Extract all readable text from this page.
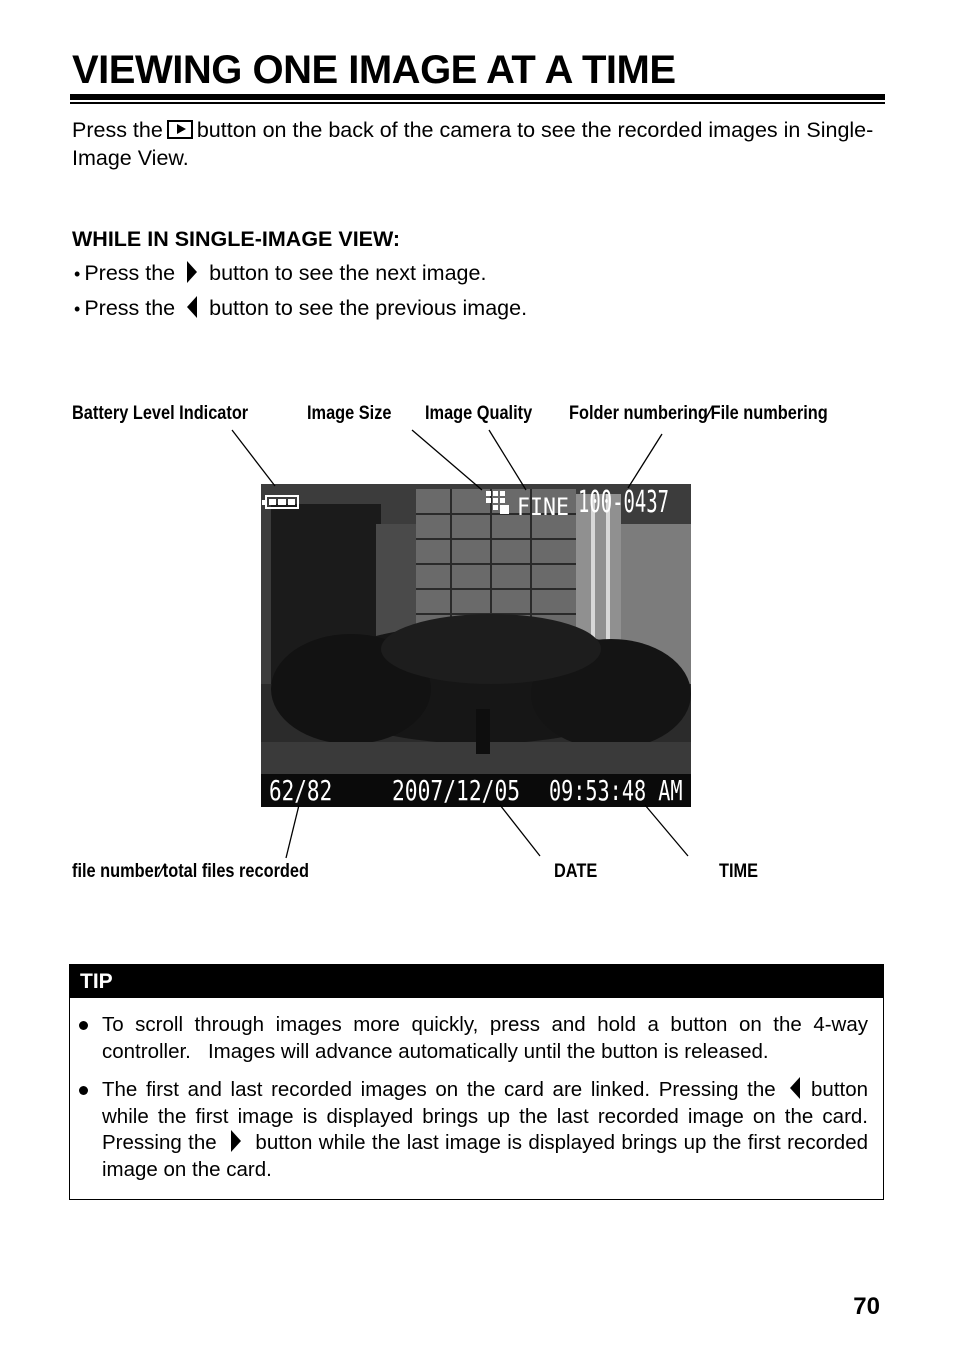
VIEWING ONE IMAGE AT A TIME

Press the button on the back of the camera to see the recorded images in Single-Image View.

WHILE IN SINGLE-IMAGE VIEW:
• Press the button to see the next image.
• Press the button to see the previous image.
Battery Level Indicator	Image Size Image Quality Folder numbering⁄File numbering
file number⁄total files recorded	DATE	TIME
FINE 100-0437
62/82 2007/12/05 09:53:48 AM
TIP
To scroll through images more quickly, press and hold a button on the 4-way controller.   Images will advance automatically until the button is released.
The first and last recorded images on the card are linked. Pressing the button while the first image is displayed brings up the last recorded image on the card. Pressing the button while the last image is displayed brings up the first recorded image on the card.
70
